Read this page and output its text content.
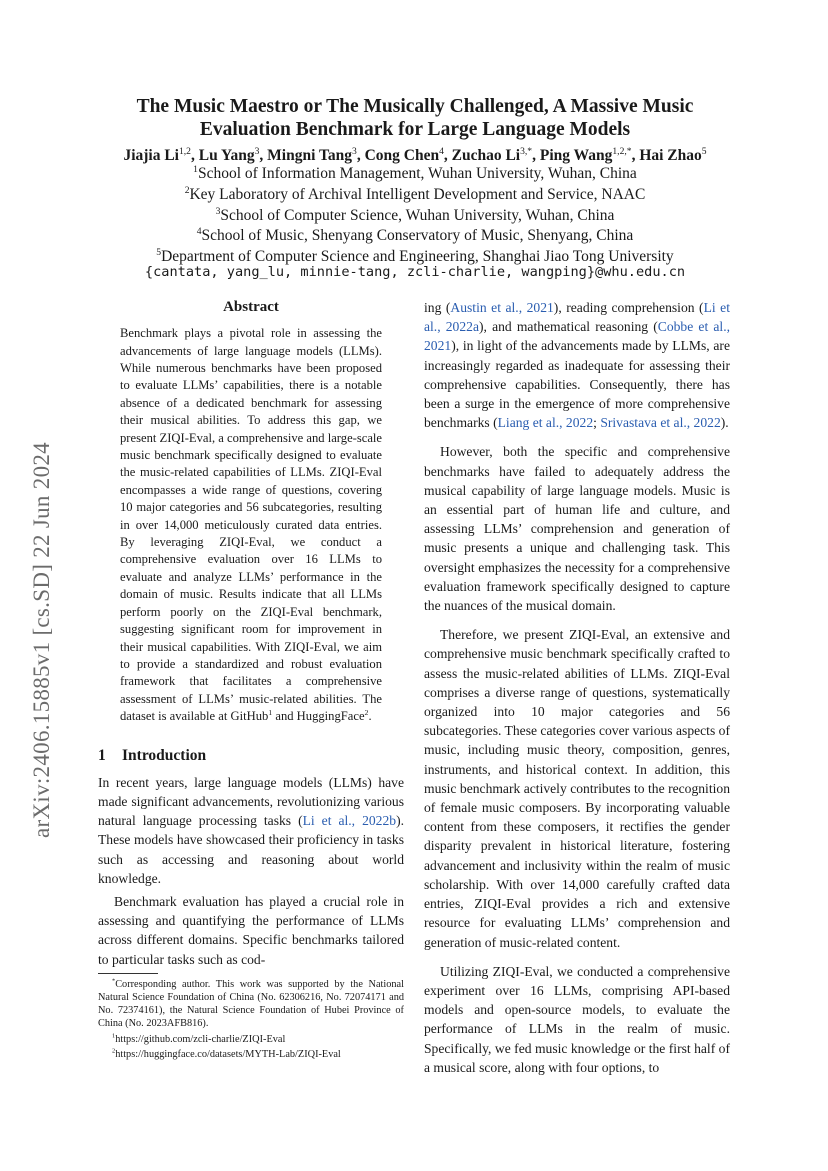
arXiv:2406.15885v1 [cs.SD] 22 Jun 2024
The Music Maestro or The Musically Challenged, A Massive Music
Evaluation Benchmark for Large Language Models
Jiajia Li$^{1,2}$, Lu Yang$^3$, Mingni Tang$^3$, Cong Chen$^4$, Zuchao $Li^{3,*}$, Ping Wang$^{1,2,*}$, Hai Zhao$^5$
$^1$School of Information Management, Wuhan University, Wuhan, China
$^2$Key Laboratory of Archival Intelligent Development and Service, NAAC
$^3$School of Computer Science, Wuhan University, Wuhan, China
$^4$School of Music, Shenyang Conservatory of Music, Shenyang, China
$^5$Department of Computer Science and Engineering, Shanghai Jiao Tong University
{cantata, yang_lu, minnie-tang, zcli-charlie, wangping}@whu.edu.cn
Abstract
Benchmark plays a pivotal role in assessing the advancements of large language models (LLMs). While numerous benchmarks have been proposed to evaluate LLMs’ capabilities, there is a notable absence of a dedicated benchmark for assessing their musical abilities. To address this gap, we present ZIQI-Eval, a comprehensive and large-scale music benchmark specifically designed to evaluate the music-related capabilities of LLMs. ZIQI-Eval encompasses a wide range of questions, covering 10 major categories and 56 subcategories, resulting in over 14,000 meticulously curated data entries. By leveraging ZIQI-Eval, we conduct a comprehensive evaluation over 16 LLMs to evaluate and analyze LLMs’ performance in the domain of music. Results indicate that all LLMs perform poorly on the ZIQI-Eval benchmark, suggesting significant room for improvement in their musical capabilities. With ZIQI-Eval, we aim to provide a standardized and robust evaluation framework that facilitates a comprehensive assessment of LLMs’ music-related abilities. The dataset is available at GitHub$^1$ and HuggingFace$^2$.
1	Introduction

In recent years, large language models (LLMs) have made significant advancements, revolutionizing various natural language processing tasks (Li et al., 2022b). These models have showcased their proficiency in tasks such as accessing and reasoning about world knowledge.

Benchmark evaluation has played a crucial role in assessing and quantifying the performance of LLMs across different domains. Specific benchmarks tailored to particular tasks such as cod-

*Corresponding author. This work was supported by the National Natural Science Foundation of China (No. 62306216, No. 72074171 and No. 72374161), the Natural Science Foundation of Hubei Province of China (No. 2023AFB816).

$^1$https://github.com/zcli-charlie/ZIQI-Eval

$^2$https://huggingface.co/datasets/MYTH-Lab/ZIQI-Eval

ing (Austin et al., 2021), reading comprehension (Li et al., 2022a), and mathematical reasoning (Cobbe et al., 2021), in light of the advancements made by LLMs, are increasingly regarded as inadequate for assessing their comprehensive capabilities. Consequently, there has been a surge in the emergence of more comprehensive benchmarks (Liang et al., 2022; Srivastava et al., 2022).

However, both the specific and comprehensive benchmarks have failed to adequately address the musical capability of large language models. Music is an essential part of human life and culture, and assessing LLMs’ comprehension and generation of music presents a unique and challenging task. This oversight emphasizes the necessity for a comprehensive evaluation framework specifically designed to capture the nuances of the musical domain.

Therefore, we present ZIQI-Eval, an extensive and comprehensive music benchmark specifically crafted to assess the music-related abilities of LLMs. ZIQI-Eval comprises a diverse range of questions, systematically organized into 10 major categories and 56 subcategories. These categories cover various aspects of music, including music theory, composition, genres, instruments, and historical context. In addition, this music benchmark actively contributes to the recognition of female music composers. By incorporating valuable content from these composers, it rectifies the gender disparity prevalent in historical literature, fostering advancement and inclusivity within the realm of music scholarship. With over 14,000 carefully crafted data entries, ZIQI-Eval provides a rich and extensive resource for evaluating LLMs’ comprehension and generation of music-related content.

Utilizing ZIQI-Eval, we conducted a comprehensive experiment over 16 LLMs, comprising API-based models and open-source models, to evaluate the performance of LLMs in the realm of music. Specifically, we fed music knowledge or the first half of a musical score, along with four options, to
